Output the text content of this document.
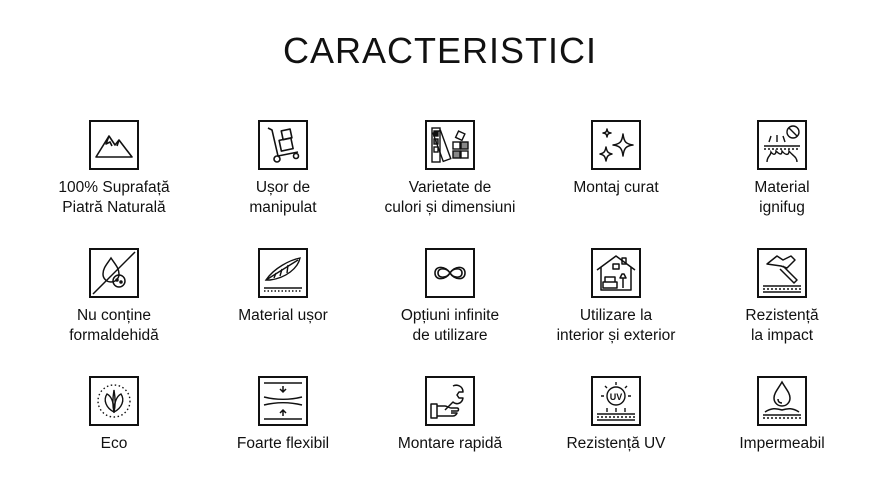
CARACTERISTICI
100% Suprafață
Piatră Naturală
Ușor de
manipulat
Varietate de
culori și dimensiuni
Montaj curat	Material
ignifug
Nu conține
formaldehidă
Material ușor	Opțiuni infinite
de utilizare
Utilizare la
interior și exterior
Rezistență
la impact
Eco	Foarte flexibil	Montare rapidă
UV
Rezistență UV	Impermeabil
